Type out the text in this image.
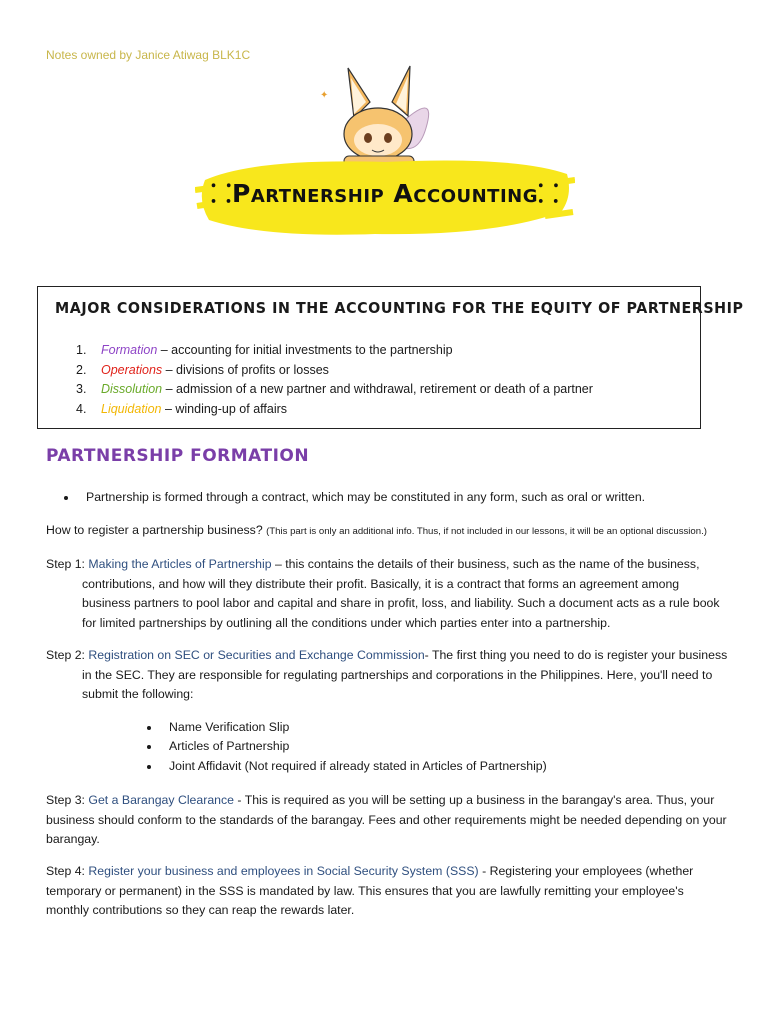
Notes owned by Janice Atiwag BLK1C
✦
⸬Partnership Accounting⸬
MAJOR CONSIDERATIONS IN THE ACCOUNTING FOR THE EQUITY OF PARTNERSHIP
1. Formation – accounting for initial investments to the partnership
2. Operations – divisions of profits or losses
3. Dissolution – admission of a new partner and withdrawal, retirement or death of a partner
4. Liquidation – winding-up of affairs
PARTNERSHIP FORMATION
Partnership is formed through a contract, which may be constituted in any form, such as oral or written.
How to register a partnership business? (This part is only an additional info. Thus, if not included in our lessons, it will be an optional discussion.)
Step 1: Making the Articles of Partnership – this contains the details of their business, such as the name of the business,
contributions, and how will they distribute their profit. Basically, it is a contract that forms an agreement among
business partners to pool labor and capital and share in profit, loss, and liability. Such a document acts as a rule book
for limited partnerships by outlining all the conditions under which parties enter into a partnership.
Step 2: Registration on SEC or Securities and Exchange Commission- The first thing you need to do is register your business
in the SEC. They are responsible for regulating partnerships and corporations in the Philippines. Here, you'll need to
submit the following:
Name Verification Slip
Articles of Partnership
Joint Affidavit (Not required if already stated in Articles of Partnership)
Step 3: Get a Barangay Clearance - This is required as you will be setting up a business in the barangay's area. Thus, your
business should conform to the standards of the barangay. Fees and other requirements might be needed depending on your
barangay.
Step 4: Register your business and employees in Social Security System (SSS) - Registering your employees (whether
temporary or permanent) in the SSS is mandated by law. This ensures that you are lawfully remitting your employee's
monthly contributions so they can reap the rewards later.
